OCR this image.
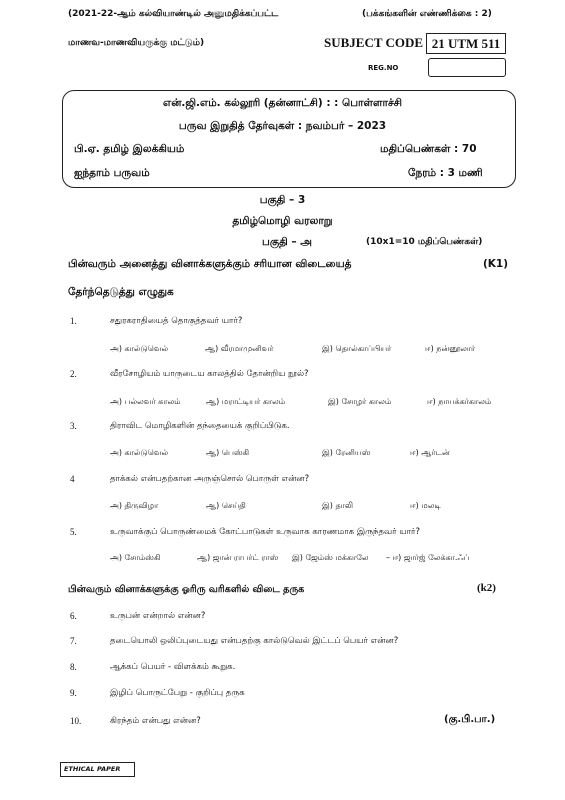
(2021-22-ஆம் கல்வியாண்டில் அனுமதிக்கப்பட்ட	(பக்கங்களின் எண்ணிக்கை : 2)
மாணவ-மாணவியருக்கு மட்டும்)	SUBJECT CODE 21 UTM 511
REG.NO
என்.ஜி.எம். கல்லூரி (தன்னாட்சி) : : பொள்ளாச்சி
பருவ இறுதித் தேர்வுகள் : நவம்பர் – 2023
பி.ஏ. தமிழ் இலக்கியம்	மதிப்பெண்கள் : 70
ஐந்தாம் பருவம்	நேரம் : 3 மணி
பகுதி – 3
தமிழ்மொழி வரலாறு
பகுதி – அ	(10x1=10 மதிப்பெண்கள்)
பின்வரும் அனைத்து வினாக்களுக்கும் சரியான விடையைத்	(K1)
தேர்ந்தெடுத்து எழுதுக
1.	சதுரகராதியைத் தொகுத்தவர் யார்?
அ) கால்டுவெல்	ஆ) வீரமாமுனிவர்	இ) தொல்காப்பியர்	ஈ) நன்னூலார்
2.	வீரசோழியம் யாருடைய காலத்தில் தோன்றிய நூல்?
அ) பல்லவர் காலம்	ஆ) மராட்டியர் காலம்	இ) சோழர் காலம்	ஈ) நாயக்கர்காலம்
3.	திராவிட மொழிகளின் தந்தையைக் குறிப்பிடுக.
அ) கால்டுவெல்	ஆ) பெஸ்கி	இ) ரேனியஸ்	ஈ) ஆர்டன்
4	தாக்கல் என்பதற்கான அருஞ்சொல் பொருள் என்ன?
அ) திருவிழா	ஆ) செய்தி	இ) தாலி	ஈ) மலடி
5.	உருவாக்குப் பொருண்மைக் கோட்பாடுகள் உருவாக காரணமாக இருந்தவர் யார்?
அ) சோம்ஸ்கி	ஆ) ஜான் ராபர்ட் ராஸ் இ) ஜேம்ஸ் மக்காலே – ஈ) ஜார்ஜ் லேக்கா.ஃப்
பின்வரும் வினாக்களுக்கு ஓரிரு வரிகளில் விடை தருக	(k2)
6.	உருபன் என்றால் என்ன?
7.	தடையொலி ஒலிப்புடையது என்பதற்கு கால்டுவெல் இட்டப் பெயர் என்ன?
8.	ஆக்கப் பெயர் - விளக்கம் கூறுக.
9.	இழிப் பொருட்பேறு - குறிப்பு தருக
10.	கிரந்தம் என்பது என்ன?	(கு.பி.பா.)
ETHICAL PAPER
